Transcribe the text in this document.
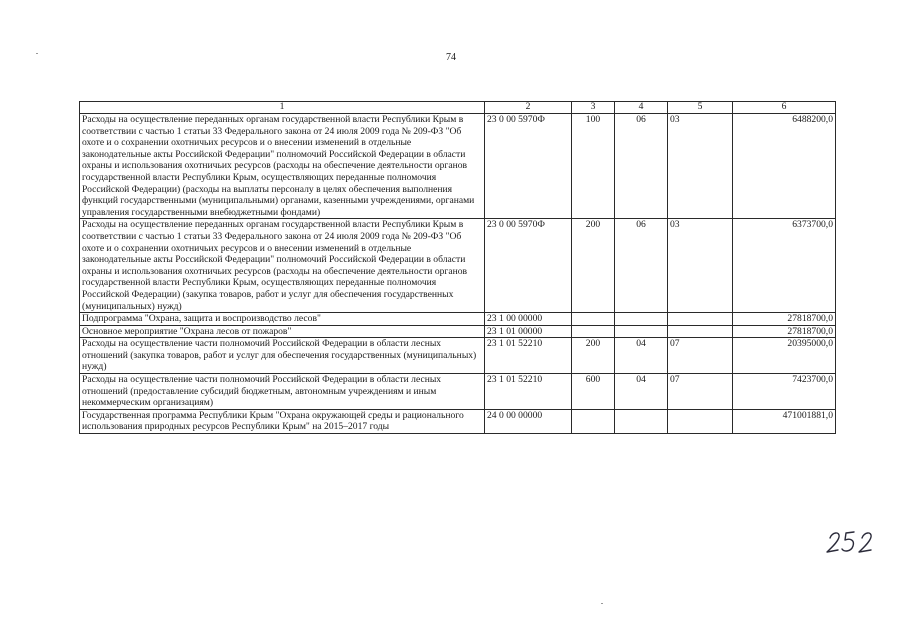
74
1	2	3	4	5	6
Расходы на осуществление переданных органам государственной власти Республики Крым в соответствии с частью 1 статьи 33 Федерального закона от 24 июля 2009 года № 209-ФЗ "Об охоте и о сохранении охотничьих ресурсов и о внесении изменений в отдельные законодательные акты Российской Федерации" полномочий Российской Федерации в области охраны и использования охотничьих ресурсов (расходы на обеспечение деятельности органов государственной власти Республики Крым, осуществляющих переданные полномочия Российской Федерации) (расходы на выплаты персоналу в целях обеспечения выполнения функций государственными (муниципальными) органами, казенными учреждениями, органами управления государственными внебюджетными фондами)	23 0 00 5970Ф	100	06	03	6488200,0
Расходы на осуществление переданных органам государственной власти Республики Крым в соответствии с частью 1 статьи 33 Федерального закона от 24 июля 2009 года № 209-ФЗ "Об охоте и о сохранении охотничьих ресурсов и о внесении изменений в отдельные законодательные акты Российской Федерации" полномочий Российской Федерации в области охраны и использования охотничьих ресурсов (расходы на обеспечение деятельности органов государственной власти Республики Крым, осуществляющих переданные полномочия Российской Федерации) (закупка товаров, работ и услуг для обеспечения государственных (муниципальных) нужд)	23 0 00 5970Ф	200	06	03	6373700,0
Подпрограмма "Охрана, защита и воспроизводство лесов"	23 1 00 00000				27818700,0
Основное мероприятие "Охрана лесов от пожаров"	23 1 01 00000				27818700,0
Расходы на осуществление части полномочий Российской Федерации в области лесных отношений (закупка товаров, работ и услуг для обеспечения государственных (муниципальных) нужд)	23 1 01 52210	200	04	07	20395000,0
Расходы на осуществление части полномочий Российской Федерации в области лесных отношений (предоставление субсидий бюджетным, автономным учреждениям и иным некоммерческим организациям)	23 1 01 52210	600	04	07	7423700,0
Государственная программа Республики Крым "Охрана окружающей среды и рационального использования природных ресурсов Республики Крым" на 2015–2017 годы	24 0 00 00000				471001881,0
